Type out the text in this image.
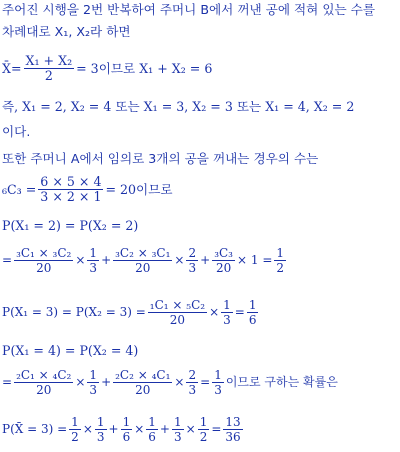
주어진 시행을 2번 반복하여 주머니 B에서 꺼낸 공에 적혀 있는 수를
차례대로 X₁, X₂라 하면
X̄= $\frac{\text{X₁ + X₂}}{2} = 3$이므로 X₁ + X₂ = 6
즉, X₁ = 2, X₂ = 4 또는 X₁ = 3, X₂ = 3 또는 X₁ = 4, X₂ = 2
이다.
또한 주머니 A에서 임의로 3개의 공을 꺼내는 경우의 수는
$_6C_3 = \frac{6 \times 5 \times 4}{3 \times 2 \times 1} = 20$이므로
P(X₁ = 2) = P(X₂ = 2)
= $\frac{\text{₃C₁ × ₃C₂}}{20} \times \frac{1}{3} + \frac{\text{₃C₂ × ₃C₁}}{20} \times \frac{2}{3} + \frac{\text{₃C₃}}{20} \times 1 = \frac{1}{2}$
$P(X_1 = 3) = P(X_2 = 3) = \frac{\text{₁C₁ × ₅C₂}}{20} \times \frac{1}{3} = \frac{1}{6}$
P(X₁ = 4) = P(X₂ = 4)
= $\frac{\text{₂C₁ × ₄C₂}}{20} \times \frac{1}{3} + \frac{\text{₂C₂ × ₄C₁}}{20} \times \frac{2}{3} = \frac{1}{3}$ 이므로 구하는 확률은
P(X̄ = $3) = \frac{1}{2} \times \frac{1}{3} + \frac{1}{6} \times \frac{1}{6} + \frac{1}{3} \times \frac{1}{2} = \frac{13}{36}$
